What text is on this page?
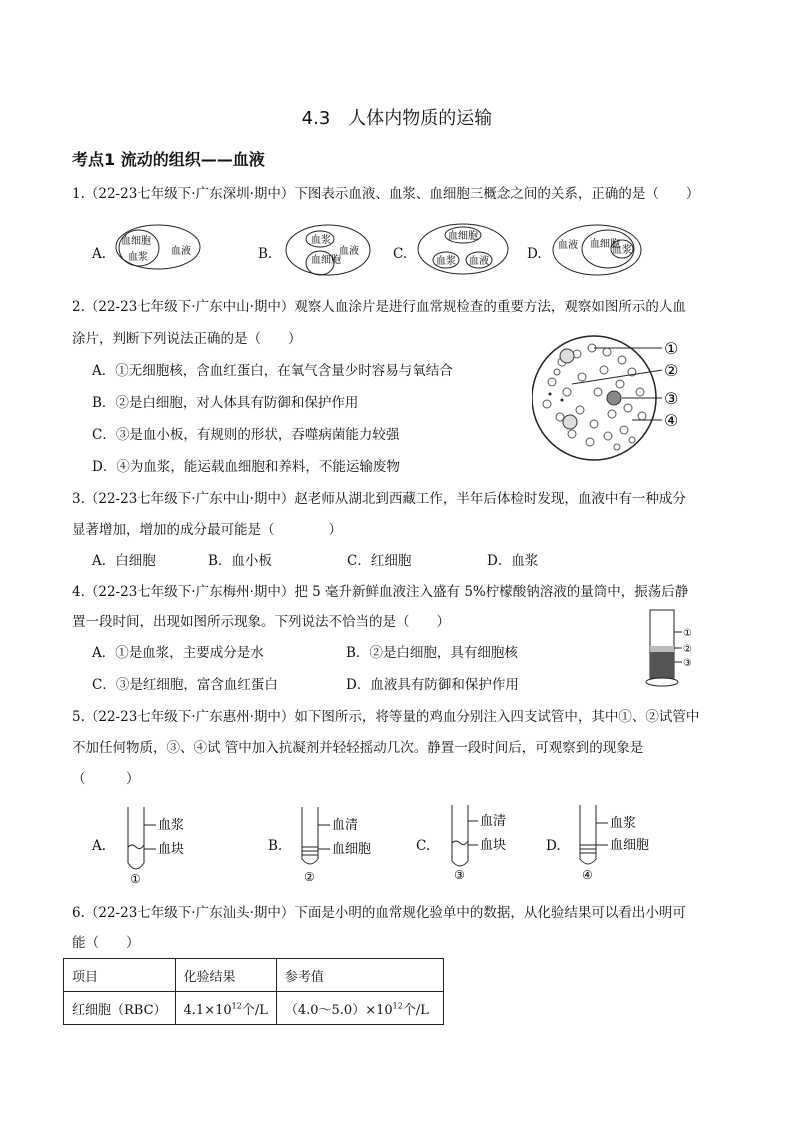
4.3　人体内物质的运输
考点1 流动的组织——血液
1.（22-23七年级下·广东深圳·期中）下图表示血液、血浆、血细胞三概念之间的关系，正确的是（　　）
A.
血细胞
血浆
血液	B.
血浆
血液
血细胞	C.
血细胞
血浆 血液	D.
血液 血细胞
血浆
2.（22-23七年级下·广东中山·期中）观察人血涂片是进行血常规检查的重要方法，观察如图所示的人血
涂片，判断下列说法正确的是（　　）
A．①无细胞核，含血红蛋白，在氧气含量少时容易与氧结合
B．②是白细胞，对人体具有防御和保护作用
C．③是血小板，有规则的形状，吞噬病菌能力较强
D．④为血浆，能运载血细胞和养料，不能运输废物
①
②
③
④
3.（22-23七年级下·广东中山·期中）赵老师从湖北到西藏工作，半年后体检时发现，血液中有一种成分
显著增加，增加的成分最可能是（　　　　）
A．白细胞	B．血小板	C．红细胞	D．血浆
4.（22-23七年级下·广东梅州·期中）把 5 毫升新鲜血液注入盛有 5%柠檬酸钠溶液的量筒中，振荡后静
置一段时间，出现如图所示现象。下列说法不恰当的是（　　）
A．①是血浆，主要成分是水	B．②是白细胞，具有细胞核
C．③是红细胞，富含血红蛋白	D．血液具有防御和保护作用
①
②
③
5.（22-23七年级下·广东惠州·期中）如下图所示，将等量的鸡血分别注入四支试管中，其中①、②试管中
不加任何物质，③、④试 管中加入抗凝剂并轻轻摇动几次。静置一段时间后，可观察到的现象是
（　　　）
A.
血浆
血块
①
B.
血清
血细胞
②
C.
血清
血块
③
D.
血浆
血细胞
④
6.（22-23七年级下·广东汕头·期中）下面是小明的血常规化验单中的数据，从化验结果可以看出小明可
能（　　）
项目	化验结果	参考值
红细胞（RBC）	$4.1\times 10^{12}$个/L	$(4.0\sim 5.0)\times 10^{12}$个/L
